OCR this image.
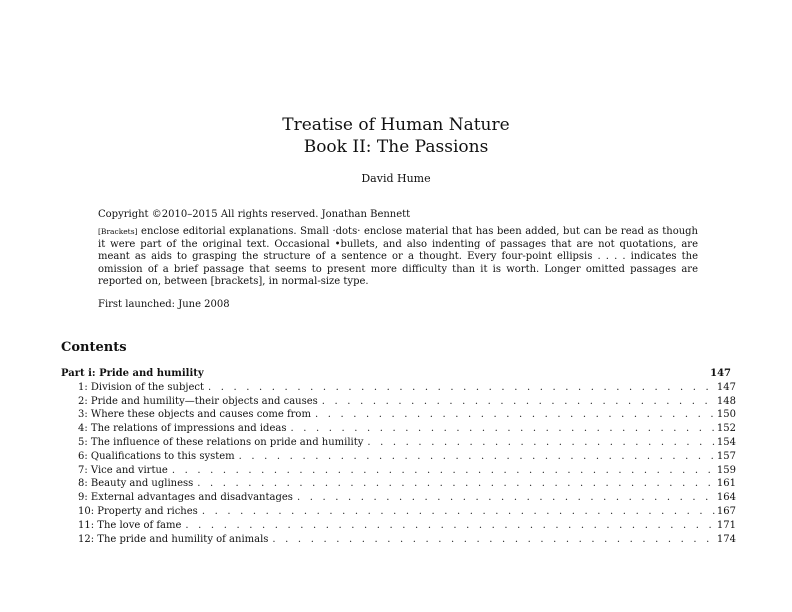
Treatise of Human Nature
Book II: The Passions
David Hume
Copyright ©2010–2015 All rights reserved. Jonathan Bennett
[Brackets] enclose editorial explanations. Small ·dots· enclose material that has been added, but can be read as though it were part of the original text. Occasional •bullets, and also indenting of passages that are not quotations, are meant as aids to grasping the structure of a sentence or a thought. Every four-point ellipsis . . . . indicates the omission of a brief passage that seems to present more difficulty than it is worth. Longer omitted passages are reported on, between [brackets], in normal-size type.
First launched: June 2008
Contents
Part i: Pride and humility	147
1: Division of the subject . . .	147
2: Pride and humility—their objects and causes . . .	148
3: Where these objects and causes come from . . .	150
4: The relations of impressions and ideas . . .	152
5: The influence of these relations on pride and humility . . .	154
6: Qualifications to this system . . .	157
7: Vice and virtue . . .	159
8: Beauty and ugliness . . .	161
9: External advantages and disadvantages . . .	164
10: Property and riches . . .	167
11: The love of fame . . .	171
12: The pride and humility of animals . . .	174
